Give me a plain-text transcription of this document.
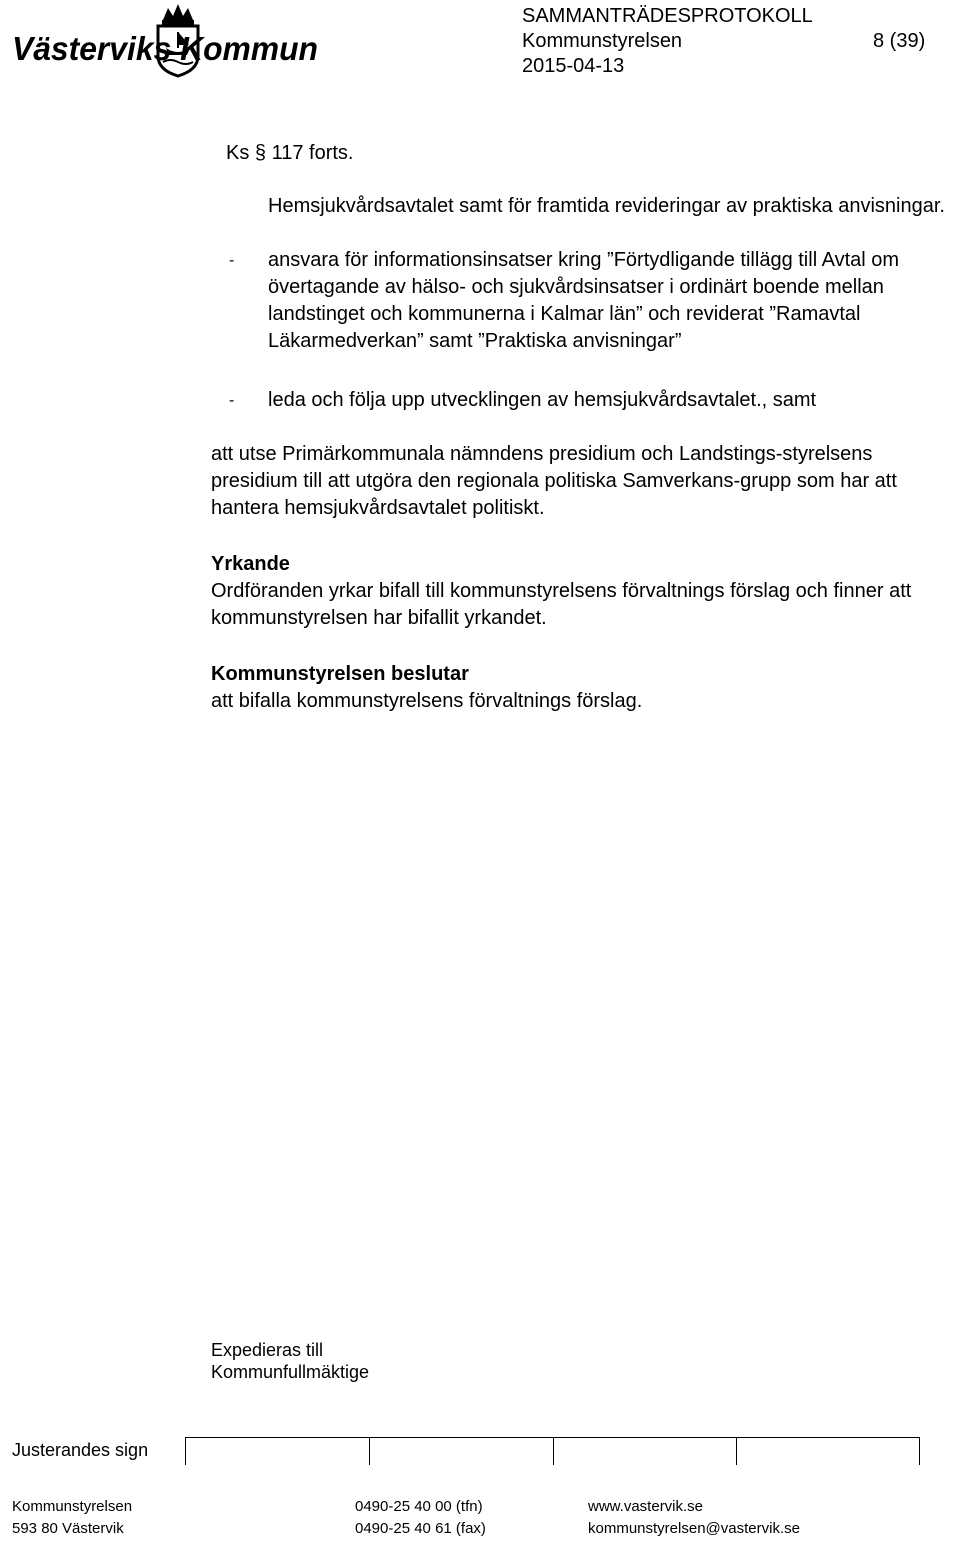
Västerviks Kommun
SAMMANTRÄDESPROTOKOLL
Kommunstyrelsen	8 (39)
2015-04-13
Ks § 117 forts.
Hemsjukvårdsavtalet samt för framtida revideringar av praktiska anvisningar.
- ansvara för informationsinsatser kring ”Förtydligande tillägg till Avtal om övertagande av hälso- och sjukvårdsinsatser i ordinärt boende mellan landstinget och kommunerna i Kalmar län” och reviderat ”Ramavtal Läkarmedverkan” samt ”Praktiska anvisningar”
- leda och följa upp utvecklingen av hemsjukvårdsavtalet., samt
att utse Primärkommunala nämndens presidium och Landstings-styrelsens presidium till att utgöra den regionala politiska Samverkans-grupp som har att hantera hemsjukvårdsavtalet politiskt.
Yrkande
Ordföranden yrkar bifall till kommunstyrelsens förvaltnings förslag och finner att kommunstyrelsen har bifallit yrkandet.
Kommunstyrelsen beslutar
att bifalla kommunstyrelsens förvaltnings förslag.
Expedieras till
Kommunfullmäktige
Justerandes sign
Kommunstyrelsen
593 80 Västervik
0490-25 40 00 (tfn)
0490-25 40 61 (fax)
www.vastervik.se
kommunstyrelsen@vastervik.se
